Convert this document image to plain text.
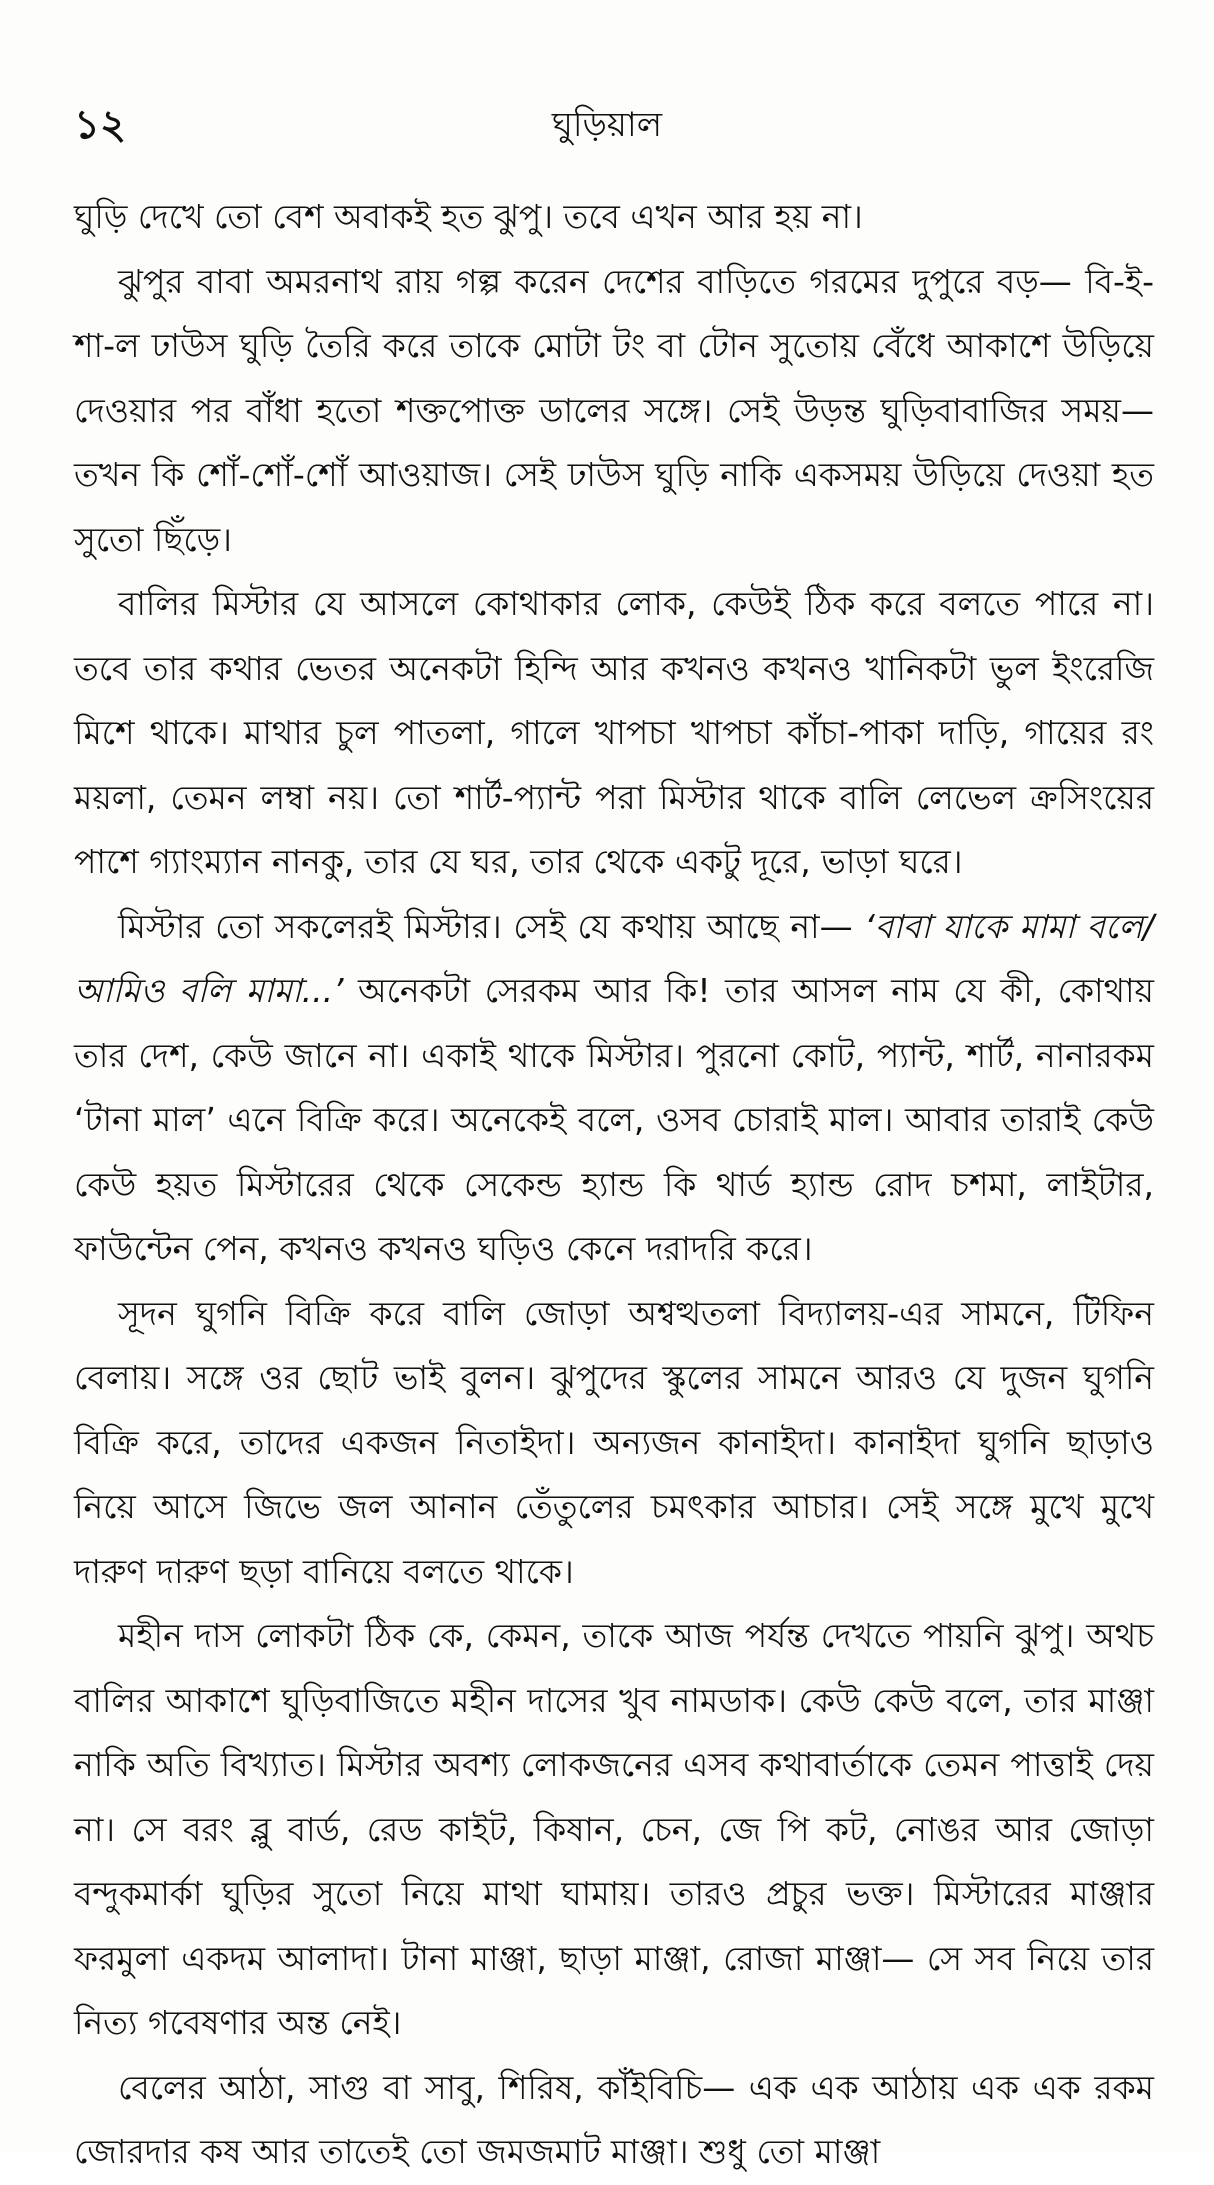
১২	ঘুড়িয়াল

ঘুড়ি দেখে তো বেশ অবাকই হত ঝুপু। তবে এখন আর হয় না।

ঝুপুর বাবা অমরনাথ রায় গল্প করেন দেশের বাড়িতে গরমের দুপুরে বড়— বি-ই-শা-ল ঢাউস ঘুড়ি তৈরি করে তাকে মোটা টং বা টোন সুতোয় বেঁধে আকাশে উড়িয়ে দেওয়ার পর বাঁধা হতো শক্তপোক্ত ডালের সঙ্গে। সেই উড়ন্ত ঘুড়িবাবাজির সময়— তখন কি শোঁ-শোঁ-শোঁ আওয়াজ। সেই ঢাউস ঘুড়ি নাকি একসময় উড়িয়ে দেওয়া হত সুতো ছিঁড়ে।

বালির মিস্টার যে আসলে কোথাকার লোক, কেউই ঠিক করে বলতে পারে না। তবে তার কথার ভেতর অনেকটা হিন্দি আর কখনও কখনও খানিকটা ভুল ইংরেজি মিশে থাকে। মাথার চুল পাতলা, গালে খাপচা খাপচা কাঁচা-পাকা দাড়ি, গায়ের রং ময়লা, তেমন লম্বা নয়। তো শার্ট-প্যান্ট পরা মিস্টার থাকে বালি লেভেল ক্রসিংয়ের পাশে গ্যাংম্যান নানকু, তার যে ঘর, তার থেকে একটু দূরে, ভাড়া ঘরে।

মিস্টার তো সকলেরই মিস্টার। সেই যে কথায় আছে না— ‘বাবা যাকে মামা বলে/ আমিও বলি মামা...’ অনেকটা সেরকম আর কি! তার আসল নাম যে কী, কোথায় তার দেশ, কেউ জানে না। একাই থাকে মিস্টার। পুরনো কোট, প্যান্ট, শার্ট, নানারকম ‘টানা মাল’ এনে বিক্রি করে। অনেকেই বলে, ওসব চোরাই মাল। আবার তারাই কেউ কেউ হয়ত মিস্টারের থেকে সেকেন্ড হ্যান্ড কি থার্ড হ্যান্ড রোদ চশমা, লাইটার, ফাউন্টেন পেন, কখনও কখনও ঘড়িও কেনে দরাদরি করে।

সূদন ঘুগনি বিক্রি করে বালি জোড়া অশ্বত্থতলা বিদ্যালয়-এর সামনে, টিফিন বেলায়। সঙ্গে ওর ছোট ভাই বুলন। ঝুপুদের স্কুলের সামনে আরও যে দুজন ঘুগনি বিক্রি করে, তাদের একজন নিতাইদা। অন্যজন কানাইদা। কানাইদা ঘুগনি ছাড়াও নিয়ে আসে জিভে জল আনান তেঁতুলের চমৎকার আচার। সেই সঙ্গে মুখে মুখে দারুণ দারুণ ছড়া বানিয়ে বলতে থাকে।

মহীন দাস লোকটা ঠিক কে, কেমন, তাকে আজ পর্যন্ত দেখতে পায়নি ঝুপু। অথচ বালির আকাশে ঘুড়িবাজিতে মহীন দাসের খুব নামডাক। কেউ কেউ বলে, তার মাঞ্জা নাকি অতি বিখ্যাত। মিস্টার অবশ্য লোকজনের এসব কথাবার্তাকে তেমন পাত্তাই দেয় না। সে বরং ব্লু বার্ড, রেড কাইট, কিষান, চেন, জে পি কট, নোঙর আর জোড়া বন্দুকমার্কা ঘুড়ির সুতো নিয়ে মাথা ঘামায়। তারও প্রচুর ভক্ত। মিস্টারের মাঞ্জার ফরমুলা একদম আলাদা। টানা মাঞ্জা, ছাড়া মাঞ্জা, রোজা মাঞ্জা— সে সব নিয়ে তার নিত্য গবেষণার অন্ত নেই।

বেলের আঠা, সাগু বা সাবু, শিরিষ, কাঁইবিচি— এক এক আঠায় এক এক রকম জোরদার কষ আর তাতেই তো জমজমাট মাঞ্জা। শুধু তো মাঞ্জা
